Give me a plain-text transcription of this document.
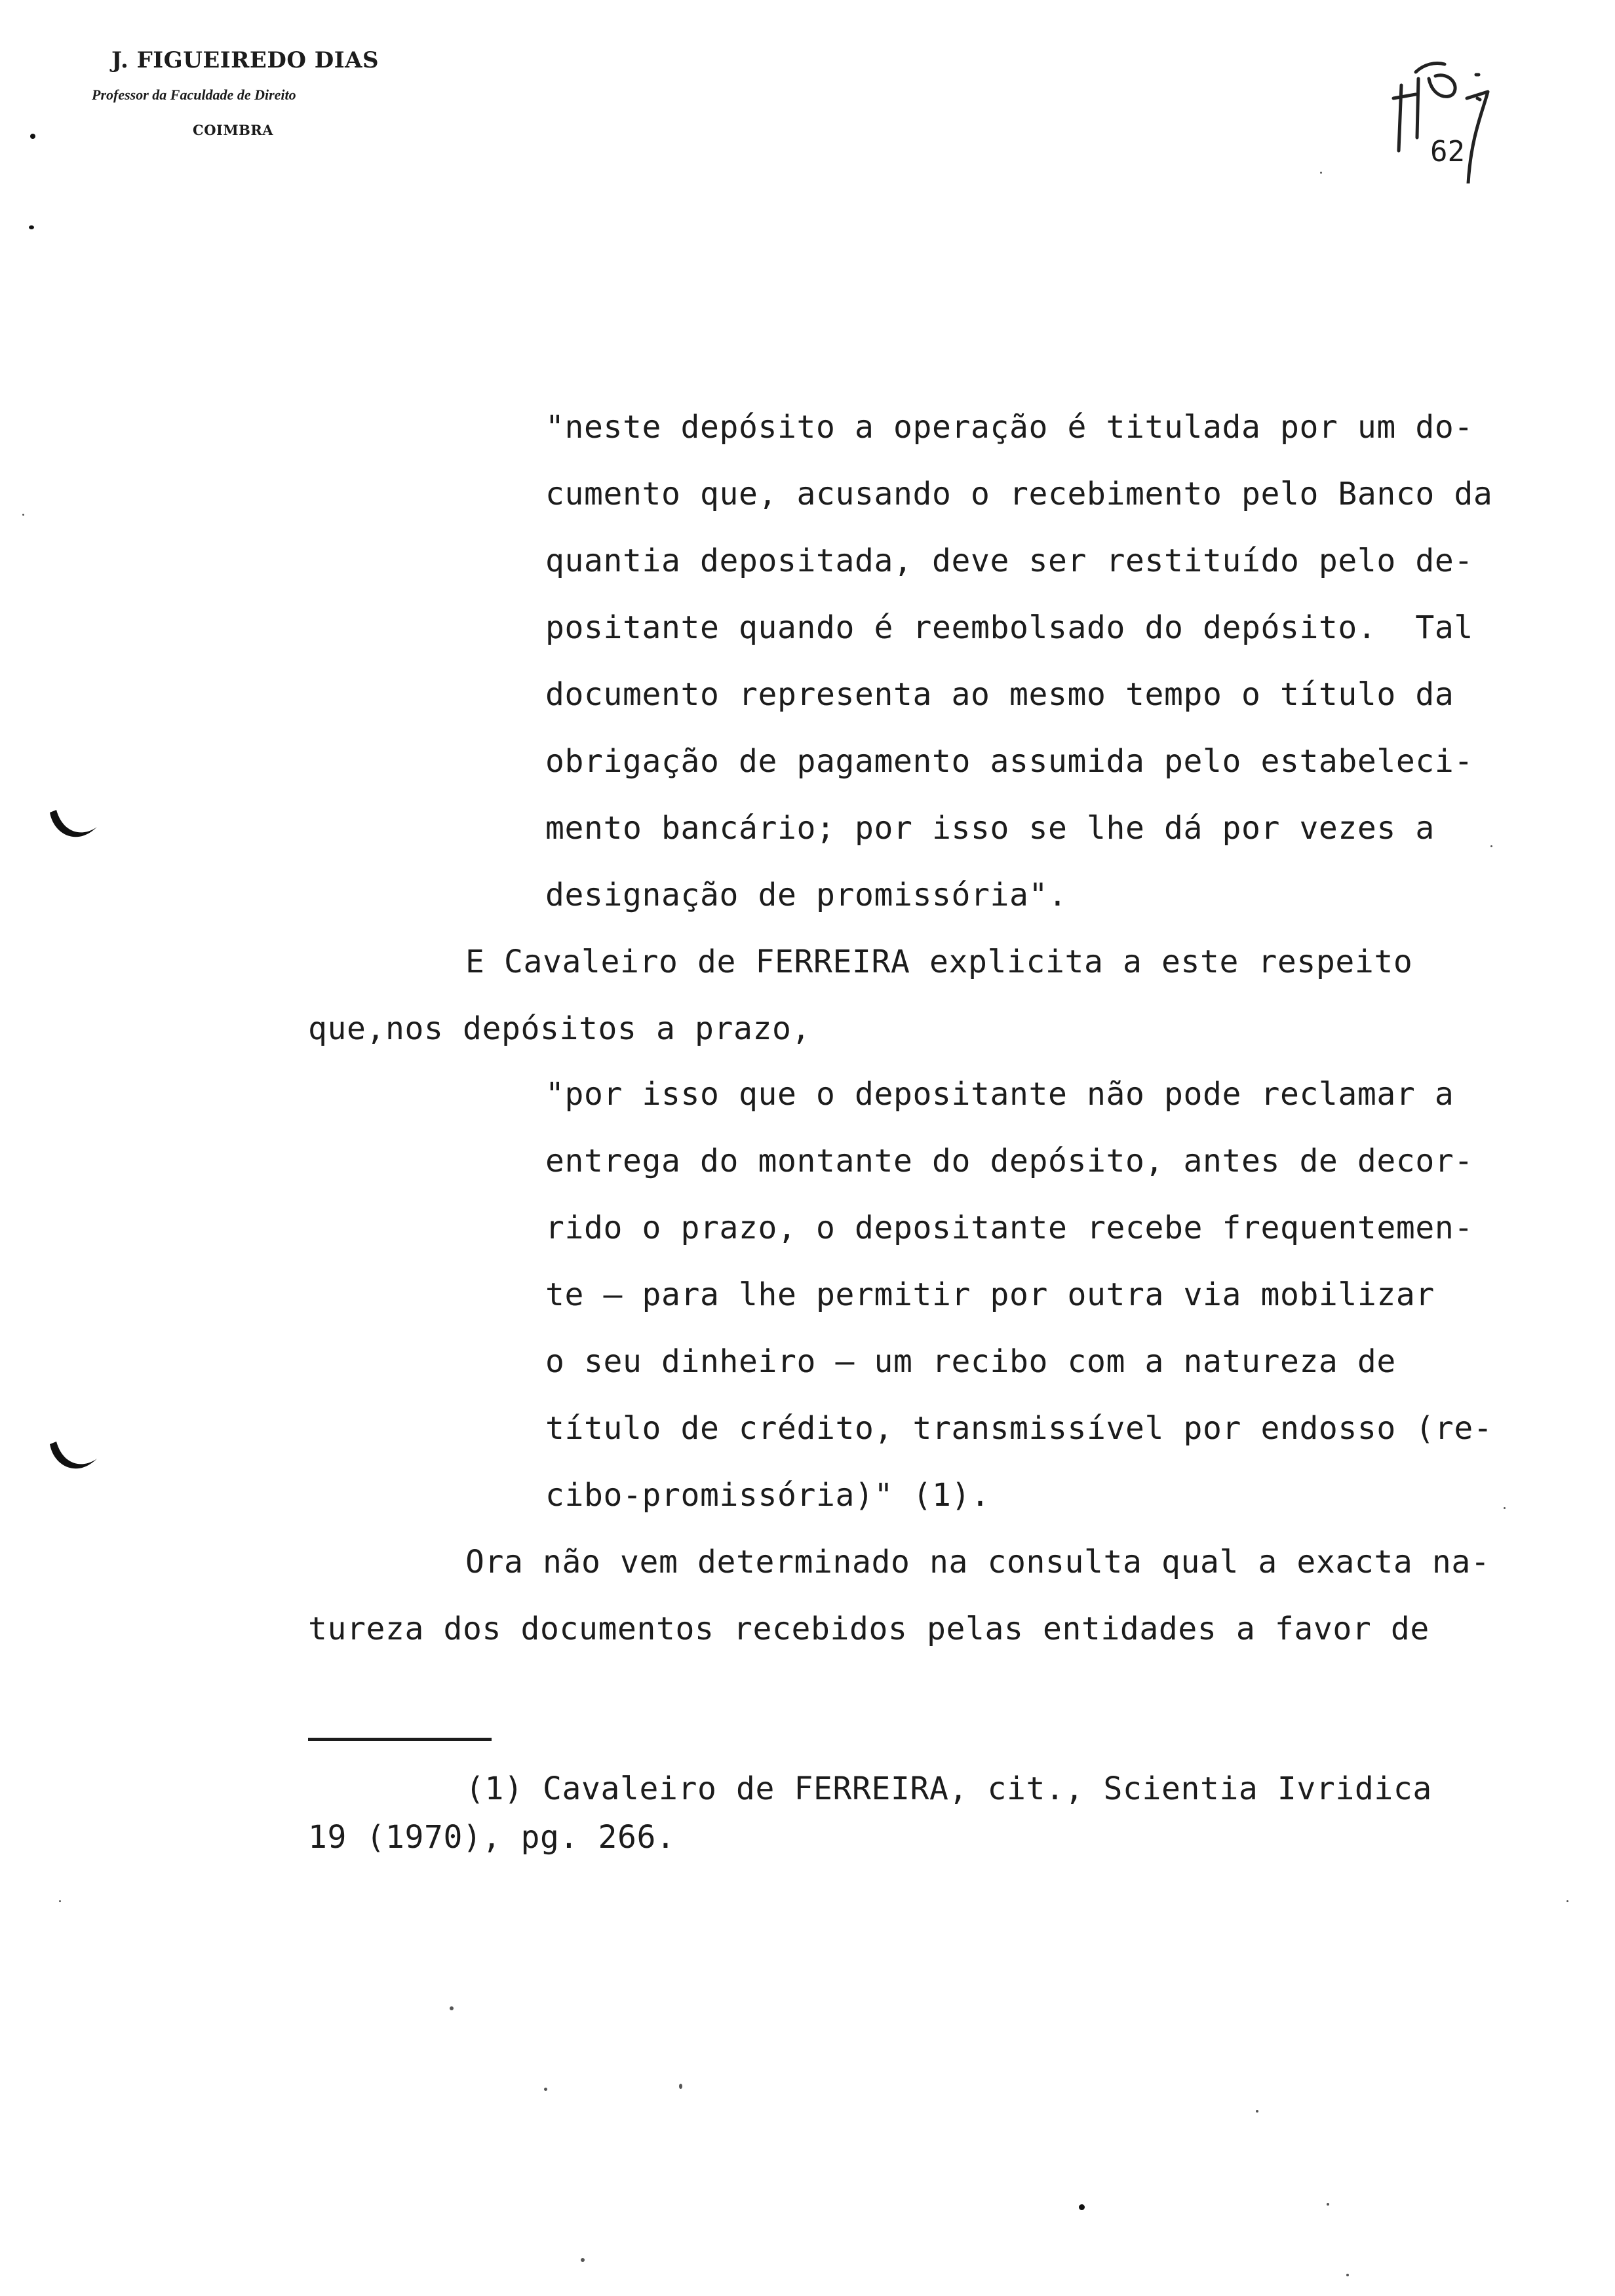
J. FIGUEIREDO DIAS
Professor da Faculdade de Direito
COIMBRA
62
"neste depósito a operação é titulada por um do-
cumento que, acusando o recebimento pelo Banco da
quantia depositada, deve ser restituído pelo de-
positante quando é reembolsado do depósito.  Tal
documento representa ao mesmo tempo o título da
obrigação de pagamento assumida pelo estabeleci-
mento bancário; por isso se lhe dá por vezes a
designação de promissória".
E Cavaleiro de FERREIRA explicita a este respeito
que,nos depósitos a prazo,
"por isso que o depositante não pode reclamar a
entrega do montante do depósito, antes de decor-
rido o prazo, o depositante recebe frequentemen-
te — para lhe permitir por outra via mobilizar
o seu dinheiro — um recibo com a natureza de
título de crédito, transmissível por endosso (re-
cibo-promissória)" (1).
Ora não vem determinado na consulta qual a exacta na-
tureza dos documentos recebidos pelas entidades a favor de
(1) Cavaleiro de FERREIRA, cit., Scientia Ivridica
19 (1970), pg. 266.
